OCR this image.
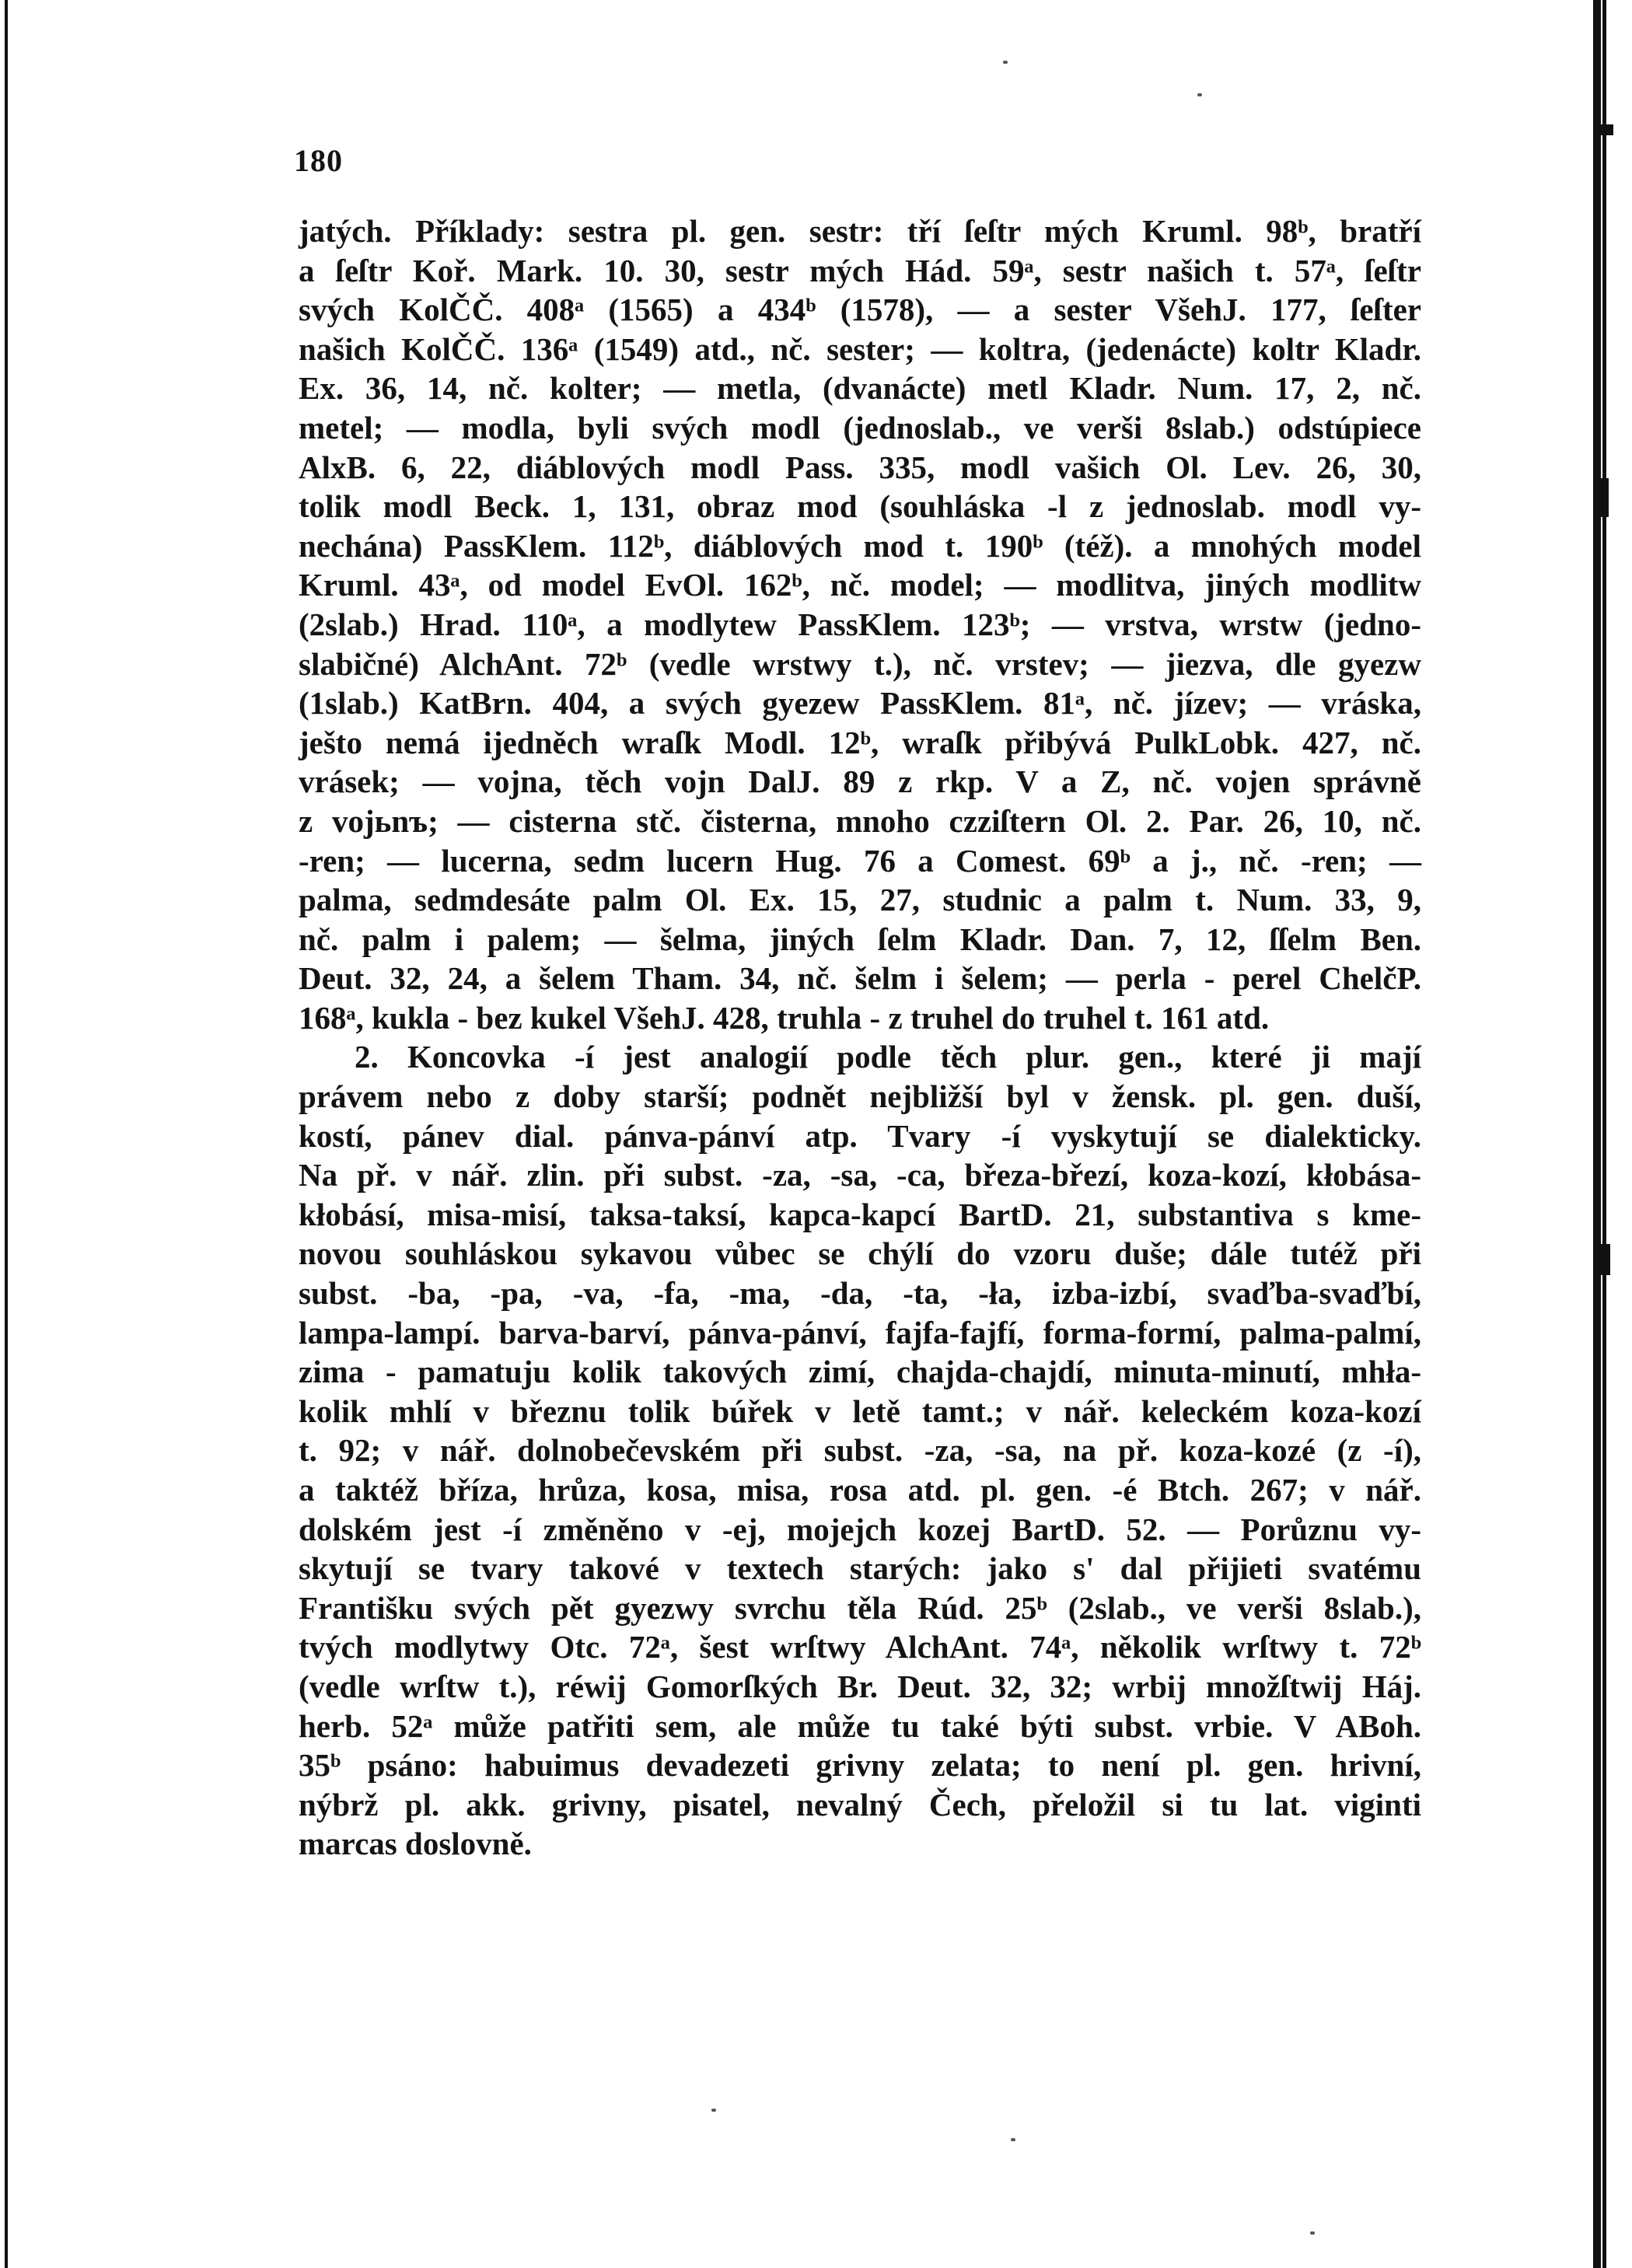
180
jatých. Příklady: sestra pl. gen. sestr: tří ſeſtr mých Kruml. 98ᵇ, bratří
a ſeſtr Koř. Mark. 10. 30, sestr mých Hád. 59ᵃ, sestr našich t. 57ᵃ, ſeſtr
svých KolČČ. 408ᵃ (1565) a 434ᵇ (1578), — a sester VšehJ. 177, ſeſter
našich KolČČ. 136ᵃ (1549) atd., nč. sester; — koltra, (jedenácte) koltr Kladr.
Ex. 36, 14, nč. kolter; — metla, (dvanácte) metl Kladr. Num. 17, 2, nč.
metel; — modla, byli svých modl (jednoslab., ve verši 8slab.) odstúpiece
AlxB. 6, 22, diáblových modl Pass. 335, modl vašich Ol. Lev. 26, 30,
tolik modl Beck. 1, 131, obraz mod (souhláska -l z jednoslab. modl vy-
nechána) PassKlem. 112ᵇ, diáblových mod t. 190ᵇ (též). a mnohých model
Kruml. 43ᵃ, od model EvOl. 162ᵇ, nč. model; — modlitva, jiných modlitw
(2slab.) Hrad. 110ᵃ, a modlytew PassKlem. 123ᵇ; — vrstva, wrstw (jedno-
slabičné) AlchAnt. 72ᵇ (vedle wrstwy t.), nč. vrstev; — jiezva, dle gyezw
(1slab.) KatBrn. 404, a svých gyezew PassKlem. 81ᵃ, nč. jízev; — vráska,
ještо nemá ijedněch wraſk Modl. 12ᵇ, wraſk přibývá PulkLobk. 427, nč.
vrásek; — vojna, těch vojn DalJ. 89 z rkp. V a Z, nč. vojen správně
z vojьnъ; — cisterna stč. čisterna, mnoho czziſtern Ol. 2. Par. 26, 10, nč.
-ren; — lucerna, sedm lucern Hug. 76 a Comest. 69ᵇ a j., nč. -ren; —
palma, sedmdesáte palm Ol. Ex. 15, 27, studnic a palm t. Num. 33, 9,
nč. palm i palem; — šelma, jiných ſelm Kladr. Dan. 7, 12, ſſelm Ben.
Deut. 32, 24, a šelem Tham. 34, nč. šelm i šelem; — perla - perel ChelčP.
168ᵃ, kukla - bez kukel VšehJ. 428, truhla - z truhel do truhel t. 161 atd.
2. Koncovka -í jest analogií podle těch plur. gen., které ji mají
právem nebo z doby starší; podnět nejbližší byl v žensk. pl. gen. duší,
kostí, pánev dial. pánva-pánví atp. Tvary -í vyskytují se dialekticky.
Na př. v nář. zlin. při subst. -za, -sa, -ca, březa-březí, koza-kozí, kłobása-
kłobásí, misa-misí, taksa-taksí, kapca-kapcí BartD. 21, substantiva s kme-
novou souhláskou sykavou vůbec se chýlí do vzoru duše; dále tutéž při
subst. -ba, -pa, -va, -fa, -ma, -da, -ta, -ła, izba-izbí, svaďba-svaďbí,
lampa-lampí. barva-barví, pánva-pánví, fajfa-fajfí, forma-formí, palma-palmí,
zima - pamatuju kolik takových zimí, chajda-chajdí, minuta-minutí, mhła-
kolik mhlí v březnu tolik búřek v letě tamt.; v nář. keleckém koza-kozí
t. 92; v nář. dolnobečevském při subst. -za, -sa, na př. koza-kozé (z -í),
a taktéž bříza, hrůza, kosa, misa, rosa atd. pl. gen. -é Btch. 267; v nář.
dolském jest -í změněno v -ej, mojejch kozej BartD. 52. — Porůznu vy-
skytují se tvary takové v textech starých: jako s' dal přijieti svatému
Františku svých pět gyezwy svrchu těla Rúd. 25ᵇ (2slab., ve verši 8slab.),
tvých modlytwy Otc. 72ᵃ, šest wrſtwy AlchAnt. 74ᵃ, několik wrſtwy t. 72ᵇ
(vedle wrſtw t.), réwij Gomorſkých Br. Deut. 32, 32; wrbij množſtwij Háj.
herb. 52ᵃ může patřiti sem, ale může tu také býti subst. vrbie. V ABoh.
35ᵇ psáno: habuimus devadezeti grivny zelata; to není pl. gen. hrivní,
nýbrž pl. akk. grivny, pisatel, nevalný Čech, přeložil si tu lat. viginti
marcas doslovně.
